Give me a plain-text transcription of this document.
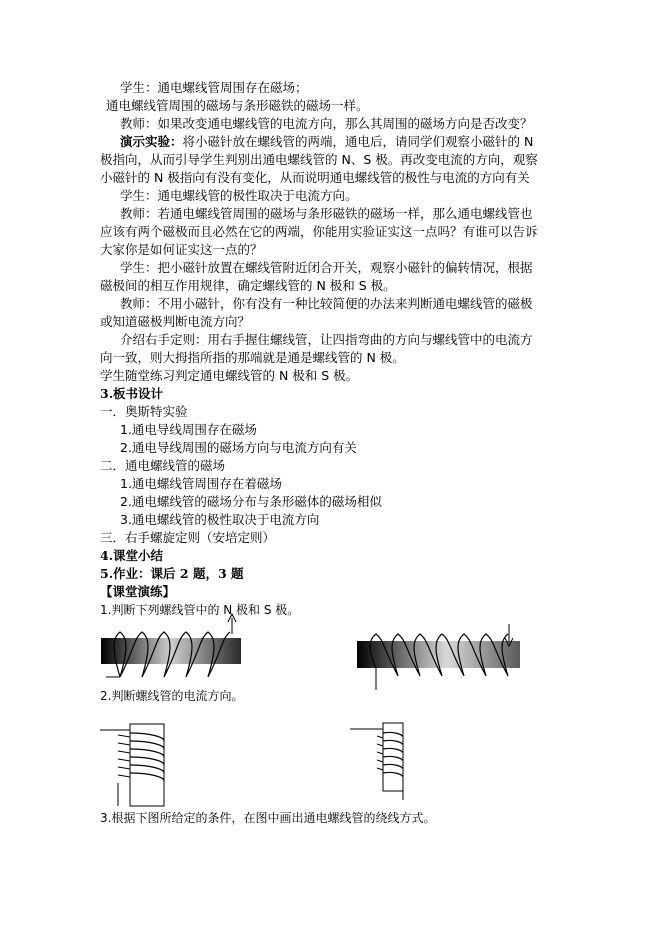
学生：通电螺线管周围存在磁场；
通电螺线管周围的磁场与条形磁铁的磁场一样。
教师：如果改变通电螺线管的电流方向，那么其周围的磁场方向是否改变？
演示实验：将小磁针放在螺线管的两端，通电后，请同学们观察小磁针的 N
极指向，从而引导学生判别出通电螺线管的 N、S 极。再改变电流的方向，观察
小磁针的 N 极指向有没有变化，从而说明通电螺线管的极性与电流的方向有关
学生：通电螺线管的极性取决于电流方向。
教师：若通电螺线管周围的磁场与条形磁铁的磁场一样，那么通电螺线管也
应该有两个磁极而且必然在它的两端，你能用实验证实这一点吗？有谁可以告诉
大家你是如何证实这一点的？
学生：把小磁针放置在螺线管附近闭合开关，观察小磁针的偏转情况，根据
磁极间的相互作用规律，确定螺线管的 N 极和 S 极。
教师：不用小磁针，你有没有一种比较简便的办法来判断通电螺线管的磁极
或知道磁极判断电流方向？
介绍右手定则：用右手握住螺线管，让四指弯曲的方向与螺线管中的电流方
向一致，则大拇指所指的那端就是通是螺线管的 N 极。
学生随堂练习判定通电螺线管的 N 极和 S 极。
3.板书设计
一．奥斯特实验
1.通电导线周围存在磁场
2.通电导线周围的磁场方向与电流方向有关
二．通电螺线管的磁场
1.通电螺线管周围存在着磁场
2.通电螺线管的磁场分布与条形磁体的磁场相似
3.通电螺线管的极性取决于电流方向
三．右手螺旋定则（安培定则）
4.课堂小结
5.作业：课后 2 题，3 题
【课堂演练】
1.判断下列螺线管中的 N 极和 S 极。
2.判断螺线管的电流方向。
3.根据下图所给定的条件，在图中画出通电螺线管的绕线方式。
